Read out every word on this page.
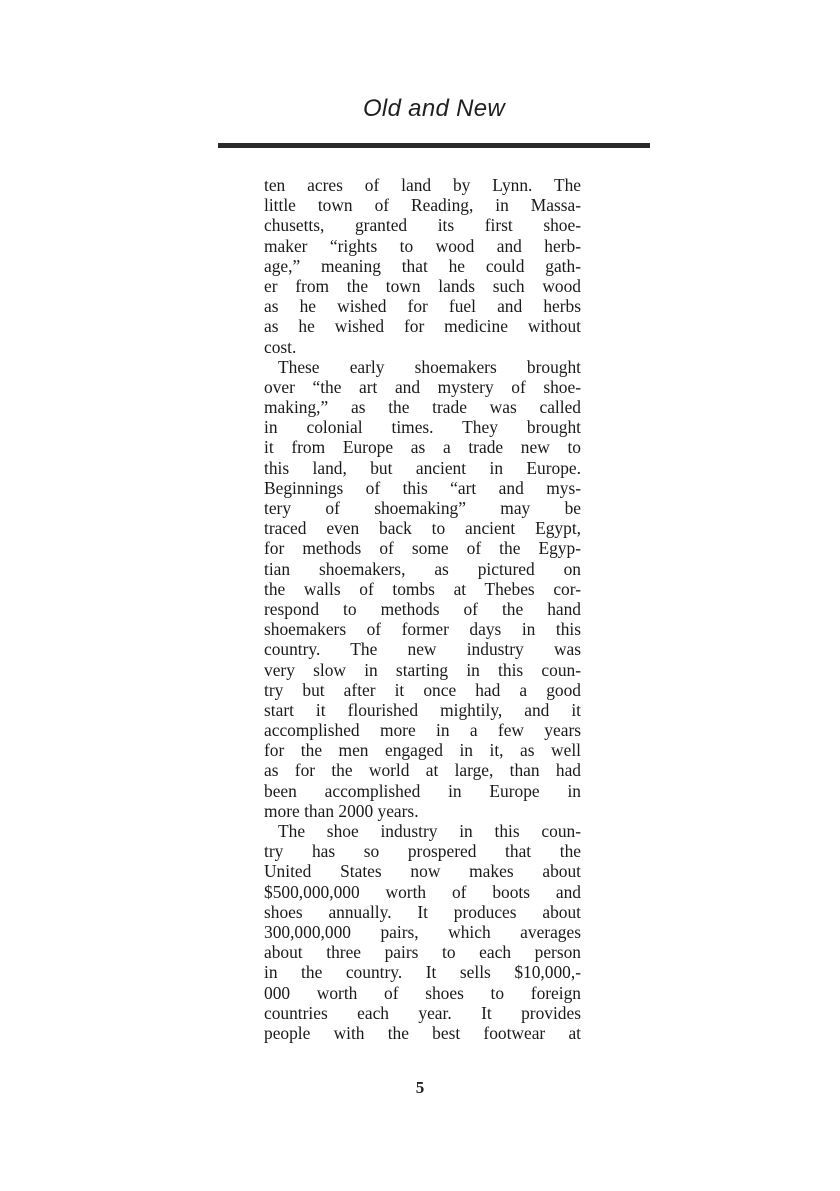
Old and New
ten acres of land by Lynn. The
little town of Reading, in Massa-
chusetts, granted its first shoe-
maker “rights to wood and herb-
age,” meaning that he could gath-
er from the town lands such wood
as he wished for fuel and herbs
as he wished for medicine without
cost.
These early shoemakers brought
over “the art and mystery of shoe-
making,” as the trade was called
in colonial times. They brought
it from Europe as a trade new to
this land, but ancient in Europe.
Beginnings of this “art and mys-
tery of shoemaking” may be
traced even back to ancient Egypt,
for methods of some of the Egyp-
tian shoemakers, as pictured on
the walls of tombs at Thebes cor-
respond to methods of the hand
shoemakers of former days in this
country. The new industry was
very slow in starting in this coun-
try but after it once had a good
start it flourished mightily, and it
accomplished more in a few years
for the men engaged in it, as well
as for the world at large, than had
been accomplished in Europe in
more than 2000 years.
The shoe industry in this coun-
try has so prospered that the
United States now makes about
$500,000,000 worth of boots and
shoes annually. It produces about
300,000,000 pairs, which averages
about three pairs to each person
in the country. It sells $10,000,-
000 worth of shoes to foreign
countries each year. It provides
people with the best footwear at
5
